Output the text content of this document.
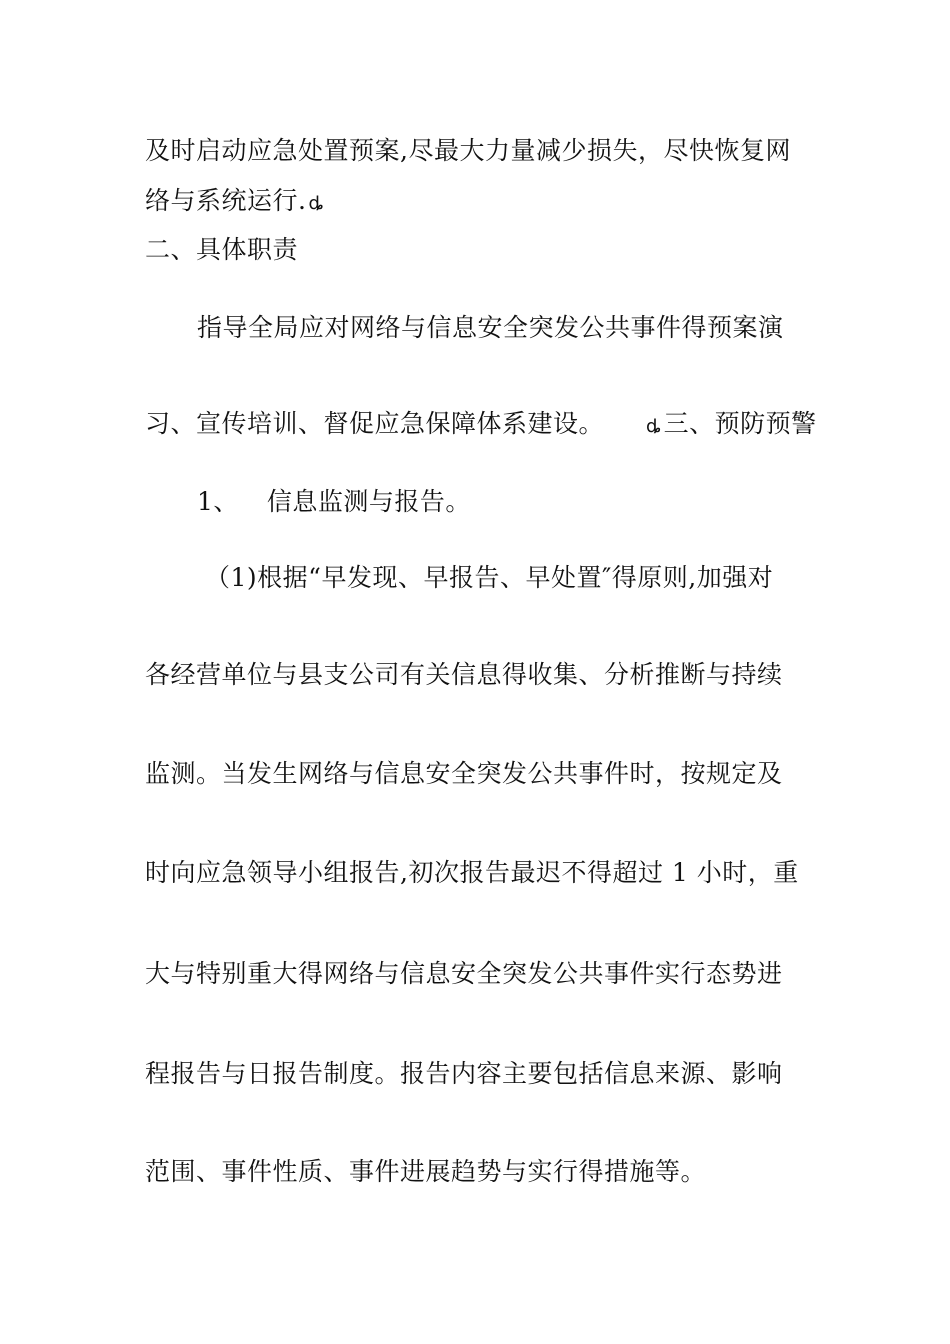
及时启动应急处置预案,尽最大力量减少损失，尽快恢复网
络与系统运行. ȡ
二、具体职责
指导全局应对网络与信息安全突发公共事件得预案演
习、宣传培训、督促应急保障体系建设。 ȡ三、预防预警
1、 信息监测与报告。
（1)根据“早发现、早报告、早处置″得原则,加强对
各经营单位与县支公司有关信息得收集、分析推断与持续
监测。当发生网络与信息安全突发公共事件时，按规定及
时向应急领导小组报告,初次报告最迟不得超过 1 小时，重
大与特别重大得网络与信息安全突发公共事件实行态势进
程报告与日报告制度。报告内容主要包括信息来源、影响
范围、事件性质、事件进展趋势与实行得措施等。
